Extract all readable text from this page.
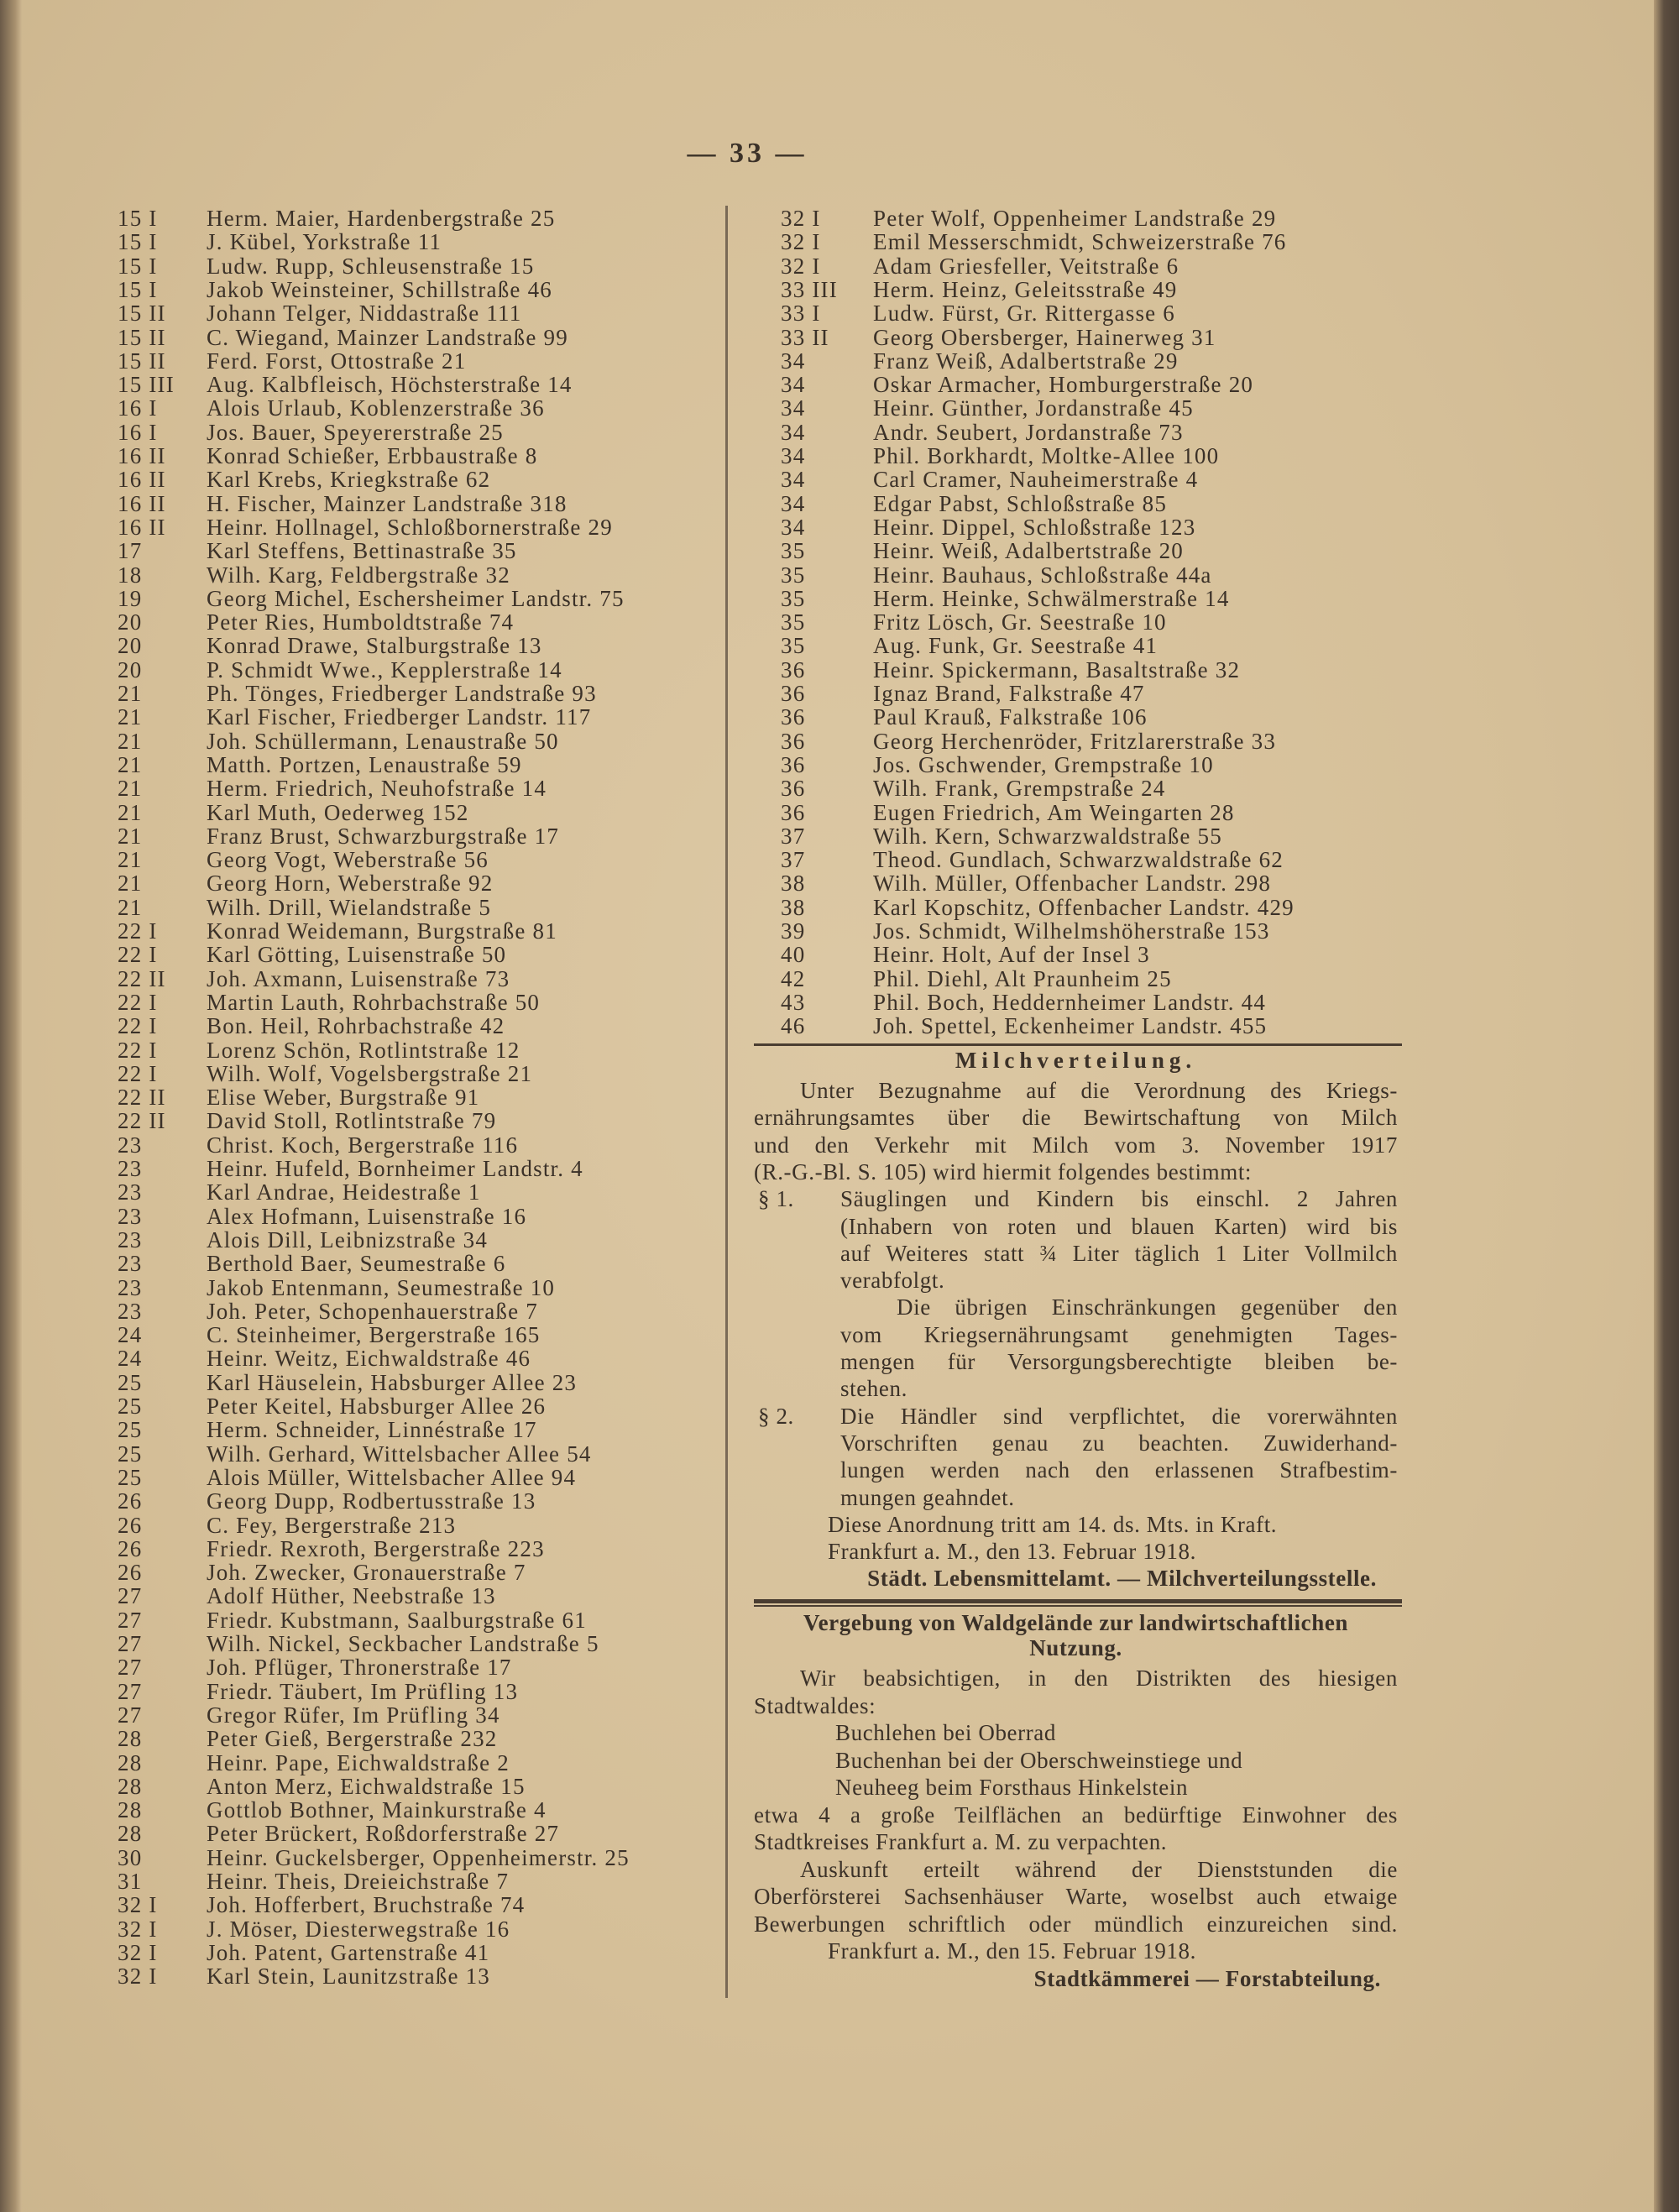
— 33 —
15 I	Herm. Maier, Hardenbergstraße 25
15 I	J. Kübel, Yorkstraße 11
15 I	Ludw. Rupp, Schleusenstraße 15
15 I	Jakob Weinsteiner, Schillstraße 46
15 II	Johann Telger, Niddastraße 111
15 II	C. Wiegand, Mainzer Landstraße 99
15 II	Ferd. Forst, Ottostraße 21
15 III	Aug. Kalbfleisch, Höchsterstraße 14
16 I	Alois Urlaub, Koblenzerstraße 36
16 I	Jos. Bauer, Speyererstraße 25
16 II	Konrad Schießer, Erbbaustraße 8
16 II	Karl Krebs, Kriegkstraße 62
16 II	H. Fischer, Mainzer Landstraße 318
16 II	Heinr. Hollnagel, Schloßbornerstraße 29
17	Karl Steffens, Bettinastraße 35
18	Wilh. Karg, Feldbergstraße 32
19	Georg Michel, Eschersheimer Landstr. 75
20	Peter Ries, Humboldtstraße 74
20	Konrad Drawe, Stalburgstraße 13
20	P. Schmidt Wwe., Kepplerstraße 14
21	Ph. Tönges, Friedberger Landstraße 93
21	Karl Fischer, Friedberger Landstr. 117
21	Joh. Schüllermann, Lenaustraße 50
21	Matth. Portzen, Lenaustraße 59
21	Herm. Friedrich, Neuhofstraße 14
21	Karl Muth, Oederweg 152
21	Franz Brust, Schwarzburgstraße 17
21	Georg Vogt, Weberstraße 56
21	Georg Horn, Weberstraße 92
21	Wilh. Drill, Wielandstraße 5
22 I	Konrad Weidemann, Burgstraße 81
22 I	Karl Götting, Luisenstraße 50
22 II	Joh. Axmann, Luisenstraße 73
22 I	Martin Lauth, Rohrbachstraße 50
22 I	Bon. Heil, Rohrbachstraße 42
22 I	Lorenz Schön, Rotlintstraße 12
22 I	Wilh. Wolf, Vogelsbergstraße 21
22 II	Elise Weber, Burgstraße 91
22 II	David Stoll, Rotlintstraße 79
23	Christ. Koch, Bergerstraße 116
23	Heinr. Hufeld, Bornheimer Landstr. 4
23	Karl Andrae, Heidestraße 1
23	Alex Hofmann, Luisenstraße 16
23	Alois Dill, Leibnizstraße 34
23	Berthold Baer, Seumestraße 6
23	Jakob Entenmann, Seumestraße 10
23	Joh. Peter, Schopenhauerstraße 7
24	C. Steinheimer, Bergerstraße 165
24	Heinr. Weitz, Eichwaldstraße 46
25	Karl Häuselein, Habsburger Allee 23
25	Peter Keitel, Habsburger Allee 26
25	Herm. Schneider, Linnéstraße 17
25	Wilh. Gerhard, Wittelsbacher Allee 54
25	Alois Müller, Wittelsbacher Allee 94
26	Georg Dupp, Rodbertusstraße 13
26	C. Fey, Bergerstraße 213
26	Friedr. Rexroth, Bergerstraße 223
26	Joh. Zwecker, Gronauerstraße 7
27	Adolf Hüther, Neebstraße 13
27	Friedr. Kubstmann, Saalburgstraße 61
27	Wilh. Nickel, Seckbacher Landstraße 5
27	Joh. Pflüger, Thronerstraße 17
27	Friedr. Täubert, Im Prüfling 13
27	Gregor Rüfer, Im Prüfling 34
28	Peter Gieß, Bergerstraße 232
28	Heinr. Pape, Eichwaldstraße 2
28	Anton Merz, Eichwaldstraße 15
28	Gottlob Bothner, Mainkurstraße 4
28	Peter Brückert, Roßdorferstraße 27
30	Heinr. Guckelsberger, Oppenheimerstr. 25
31	Heinr. Theis, Dreieichstraße 7
32 I	Joh. Hofferbert, Bruchstraße 74
32 I	J. Möser, Diesterwegstraße 16
32 I	Joh. Patent, Gartenstraße 41
32 I	Karl Stein, Launitzstraße 13
32 I	Peter Wolf, Oppenheimer Landstraße 29
32 I	Emil Messerschmidt, Schweizerstraße 76
32 I	Adam Griesfeller, Veitstraße 6
33 III	Herm. Heinz, Geleitsstraße 49
33 I	Ludw. Fürst, Gr. Rittergasse 6
33 II	Georg Obersberger, Hainerweg 31
34	Franz Weiß, Adalbertstraße 29
34	Oskar Armacher, Homburgerstraße 20
34	Heinr. Günther, Jordanstraße 45
34	Andr. Seubert, Jordanstraße 73
34	Phil. Borkhardt, Moltke-Allee 100
34	Carl Cramer, Nauheimerstraße 4
34	Edgar Pabst, Schloßstraße 85
34	Heinr. Dippel, Schloßstraße 123
35	Heinr. Weiß, Adalbertstraße 20
35	Heinr. Bauhaus, Schloßstraße 44a
35	Herm. Heinke, Schwälmerstraße 14
35	Fritz Lösch, Gr. Seestraße 10
35	Aug. Funk, Gr. Seestraße 41
36	Heinr. Spickermann, Basaltstraße 32
36	Ignaz Brand, Falkstraße 47
36	Paul Krauß, Falkstraße 106
36	Georg Herchenröder, Fritzlarerstraße 33
36	Jos. Gschwender, Grempstraße 10
36	Wilh. Frank, Grempstraße 24
36	Eugen Friedrich, Am Weingarten 28
37	Wilh. Kern, Schwarzwaldstraße 55
37	Theod. Gundlach, Schwarzwaldstraße 62
38	Wilh. Müller, Offenbacher Landstr. 298
38	Karl Kopschitz, Offenbacher Landstr. 429
39	Jos. Schmidt, Wilhelmshöherstraße 153
40	Heinr. Holt, Auf der Insel 3
42	Phil. Diehl, Alt Praunheim 25
43	Phil. Boch, Heddernheimer Landstr. 44
46	Joh. Spettel, Eckenheimer Landstr. 455
Milchverteilung.
Unter Bezugnahme auf die Verordnung des Kriegs-
ernährungsamtes über die Bewirtschaftung von Milch
und den Verkehr mit Milch vom 3. November 1917
(R.-G.-Bl. S. 105) wird hiermit folgendes bestimmt:
Säuglingen und Kindern bis einschl. 2 Jahren
§ 1.
(Inhabern von roten und blauen Karten) wird bis
auf Weiteres statt ¾ Liter täglich 1 Liter Vollmilch
verabfolgt.
Die übrigen Einschränkungen gegenüber den
vom Kriegsernährungsamt genehmigten Tages-
mengen für Versorgungsberechtigte bleiben be-
stehen.
Die Händler sind verpflichtet, die vorerwähnten
§ 2.
Vorschriften genau zu beachten. Zuwiderhand-
lungen werden nach den erlassenen Strafbestim-
mungen geahndet.
Diese Anordnung tritt am 14. ds. Mts. in Kraft.
Frankfurt a. M., den 13. Februar 1918.
Städt. Lebensmittelamt. — Milchverteilungsstelle.
Vergebung von Waldgelände zur landwirtschaftlichen
Nutzung.
Wir beabsichtigen, in den Distrikten des hiesigen
Stadtwaldes:
Buchlehen bei Oberrad
Buchenhan bei der Oberschweinstiege und
Neuheeg beim Forsthaus Hinkelstein
etwa 4 a große Teilflächen an bedürftige Einwohner des
Stadtkreises Frankfurt a. M. zu verpachten.
Auskunft erteilt während der Dienststunden die
Oberförsterei Sachsenhäuser Warte, woselbst auch etwaige
Bewerbungen schriftlich oder mündlich einzureichen sind.
Frankfurt a. M., den 15. Februar 1918.
Stadtkämmerei — Forstabteilung.
